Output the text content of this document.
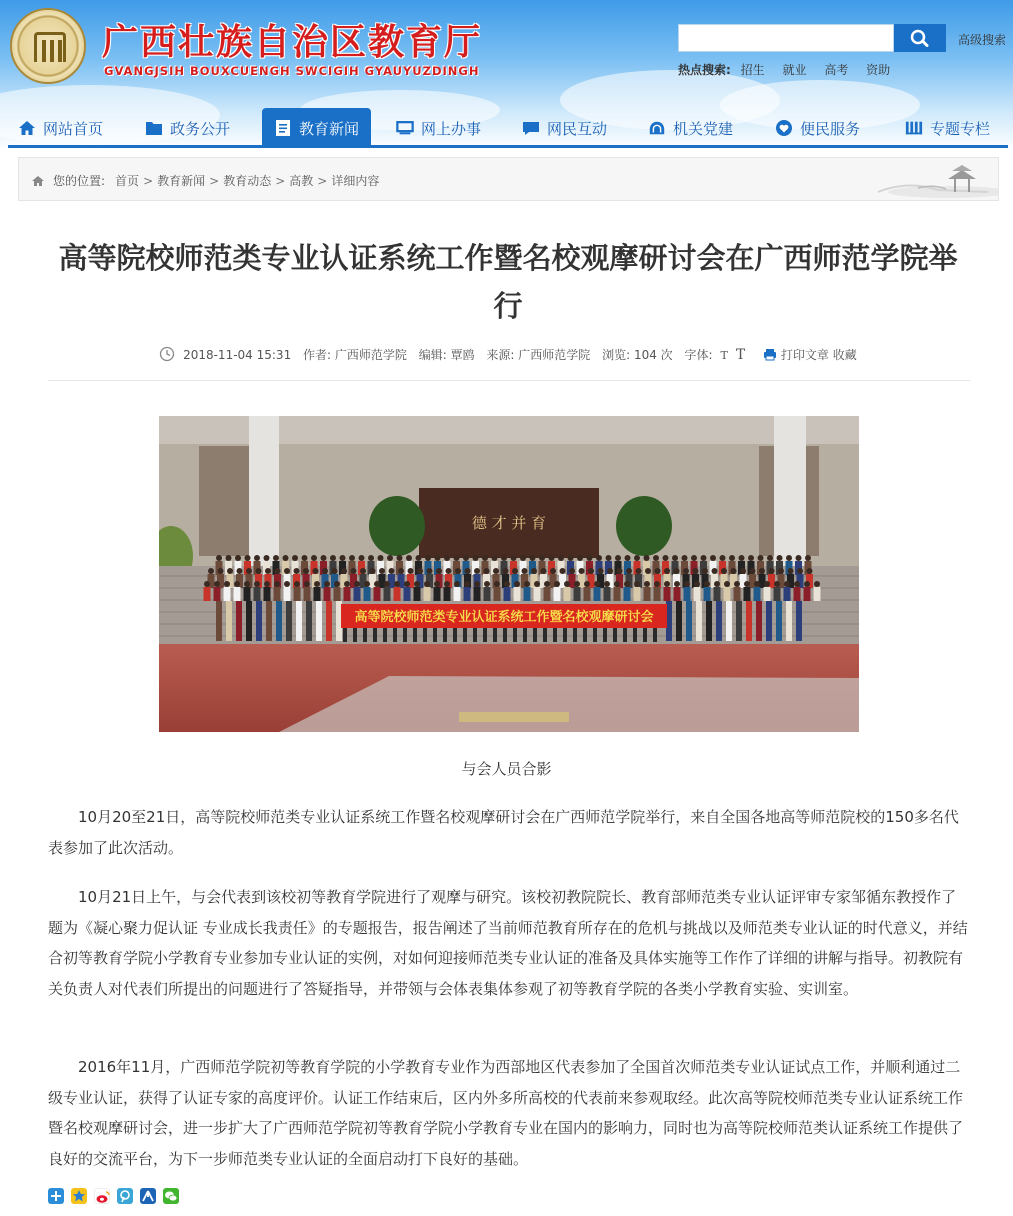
广西壮族自治区教育厅
GVANGJSIH BOUXCUENGH SWCIGIH GYAUYUZDINGH
高级搜索
热点搜索: 招生 就业 高考 资助
网站首页	政务公开	教育新闻	网上办事	网民互动	机关党建	便民服务	专题专栏
您的位置: 首页 > 教育新闻 > 教育动态 > 高教 > 详细内容
高等院校师范类专业认证系统工作暨名校观摩研讨会在广西师范学院举行
2018-11-04 15:31 作者: 广西师范学院 编辑: 覃鸥 来源: 广西师范学院 浏览: 104 次 字体: T T	打印文章 收藏
德 才 并 育
高等院校师范类专业认证系统工作暨名校观摩研讨会
与会人员合影

10月20至21日，高等院校师范类专业认证系统工作暨名校观摩研讨会在广西师范学院举行，来自全国各地高等师范院校的150多名代表参加了此次活动。

10月21日上午，与会代表到该校初等教育学院进行了观摩与研究。该校初教院院长、教育部师范类专业认证评审专家邹循东教授作了题为《凝心聚力促认证 专业成长我责任》的专题报告，报告阐述了当前师范教育所存在的危机与挑战以及师范类专业认证的时代意义，并结合初等教育学院小学教育专业参加专业认证的实例，对如何迎接师范类专业认证的准备及具体实施等工作作了详细的讲解与指导。初教院有关负责人对代表们所提出的问题进行了答疑指导，并带领与会体表集体参观了初等教育学院的各类小学教育实验、实训室。

2016年11月，广西师范学院初等教育学院的小学教育专业作为西部地区代表参加了全国首次师范类专业认证试点工作，并顺利通过二级专业认证，获得了认证专家的高度评价。认证工作结束后，区内外多所高校的代表前来参观取经。此次高等院校师范类专业认证系统工作暨名校观摩研讨会，进一步扩大了广西师范学院初等教育学院小学教育专业在国内的影响力，同时也为高等院校师范类认证系统工作提供了良好的交流平台，为下一步师范类专业认证的全面启动打下良好的基础。
